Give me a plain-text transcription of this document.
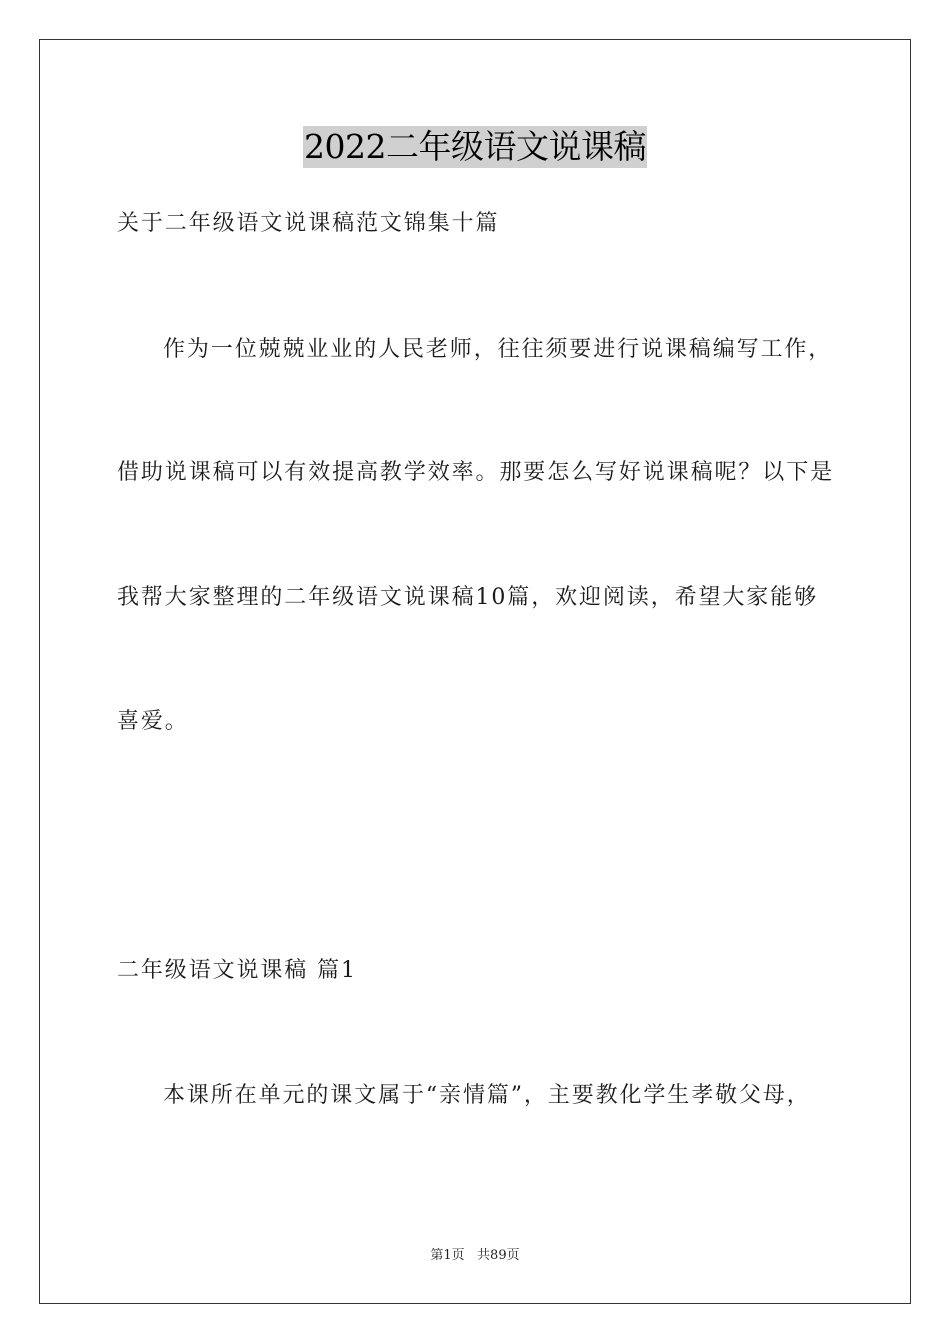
2022二年级语文说课稿
关于二年级语文说课稿范文锦集十篇
作为一位兢兢业业的人民老师，往往须要进行说课稿编写工作，
借助说课稿可以有效提高教学效率。那要怎么写好说课稿呢？以下是
我帮大家整理的二年级语文说课稿10篇，欢迎阅读，希望大家能够
喜爱。
二年级语文说课稿 篇1
本课所在单元的课文属于“亲情篇”，主要教化学生孝敬父母，
第1页   共89页
